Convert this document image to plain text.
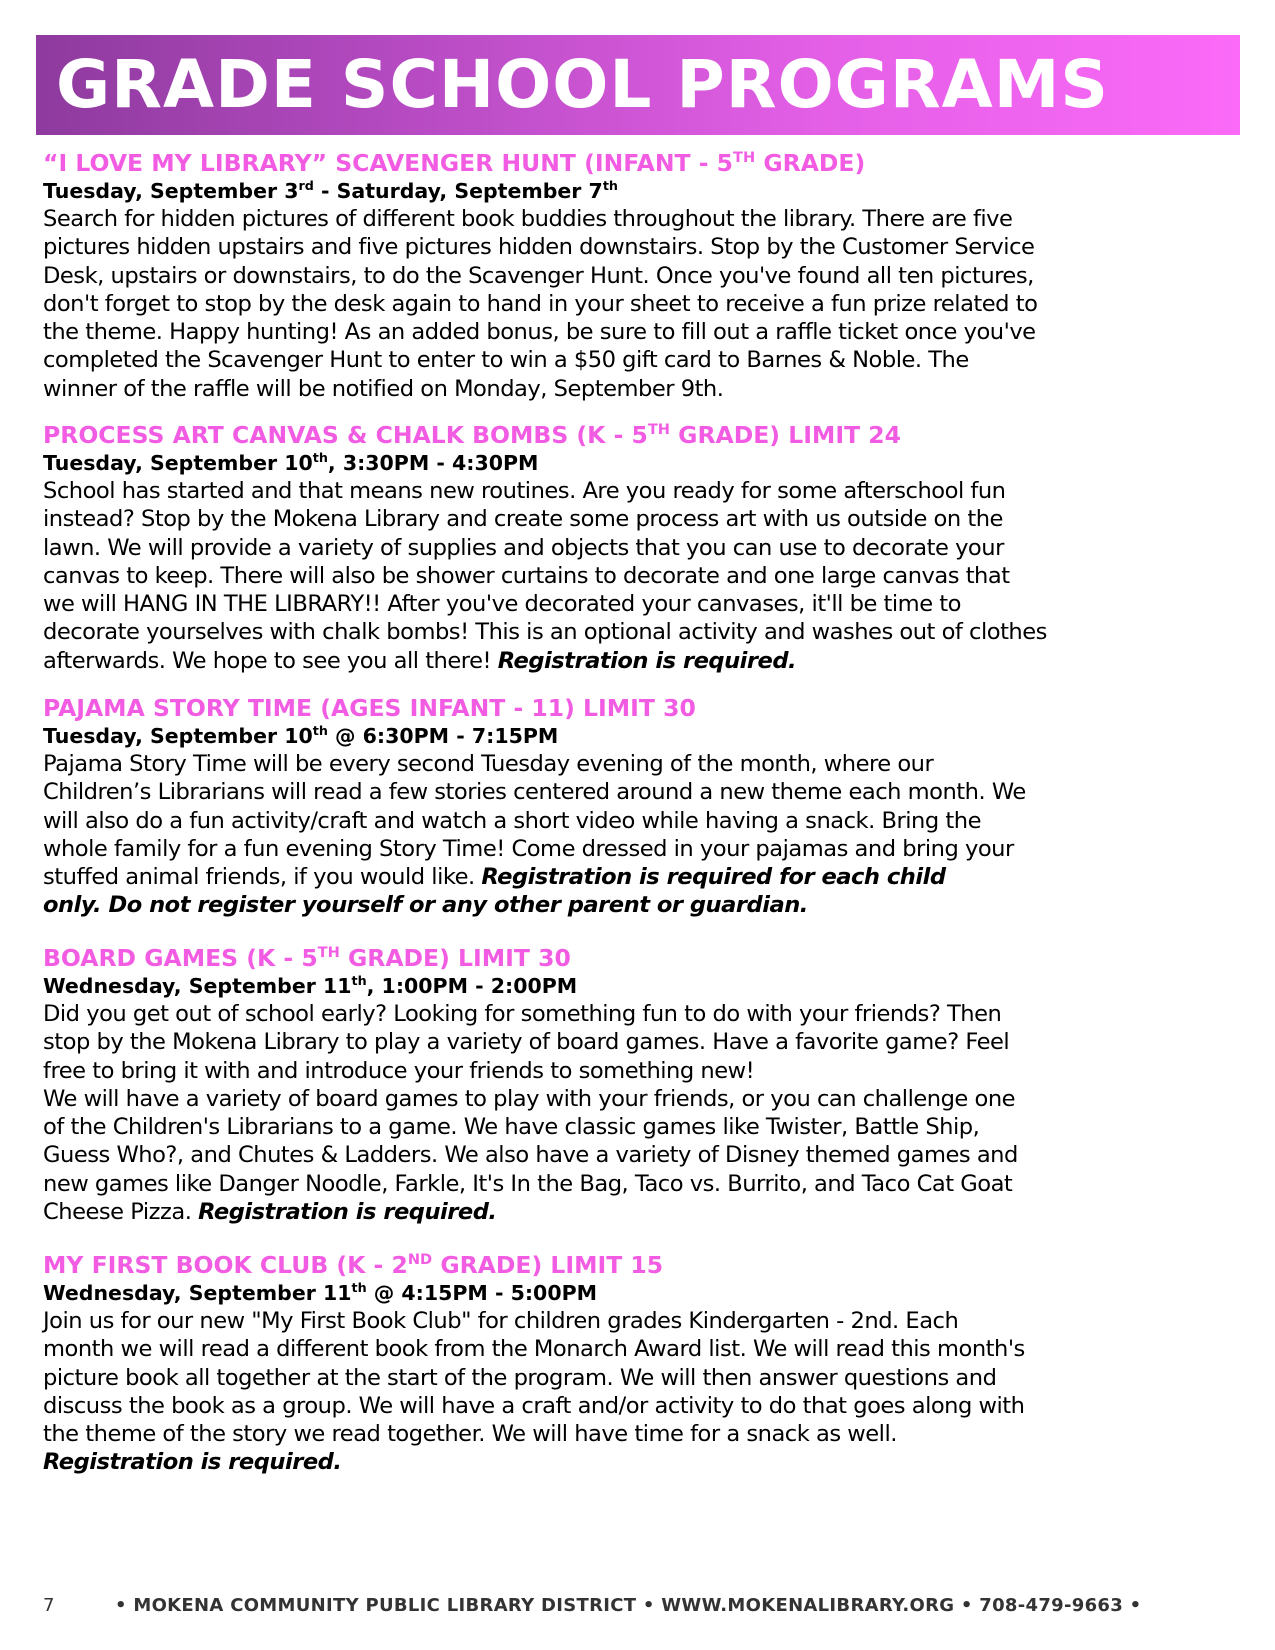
GRADE SCHOOL PROGRAMS

“I LOVE MY LIBRARY” SCAVENGER HUNT (INFANT - 5TH GRADE)

Tuesday, September 3rd - Saturday, September 7th

Search for hidden pictures of different book buddies throughout the library. There are five

pictures hidden upstairs and five pictures hidden downstairs. Stop by the Customer Service

Desk, upstairs or downstairs, to do the Scavenger Hunt. Once you've found all ten pictures,

don't forget to stop by the desk again to hand in your sheet to receive a fun prize related to

the theme. Happy hunting! As an added bonus, be sure to fill out a raffle ticket once you've

completed the Scavenger Hunt to enter to win a $50 gift card to Barnes & Noble. The

winner of the raffle will be notified on Monday, September 9th.

PROCESS ART CANVAS & CHALK BOMBS (K - 5TH GRADE) LIMIT 24

Tuesday, September 10th, 3:30PM - 4:30PM

School has started and that means new routines. Are you ready for some afterschool fun

instead? Stop by the Mokena Library and create some process art with us outside on the

lawn. We will provide a variety of supplies and objects that you can use to decorate your

canvas to keep. There will also be shower curtains to decorate and one large canvas that

we will HANG IN THE LIBRARY!! After you've decorated your canvases, it'll be time to

decorate yourselves with chalk bombs! This is an optional activity and washes out of clothes

afterwards. We hope to see you all there! Registration is required.

PAJAMA STORY TIME (AGES INFANT - 11) LIMIT 30

Tuesday, September 10th @ 6:30PM - 7:15PM

Pajama Story Time will be every second Tuesday evening of the month, where our

Children’s Librarians will read a few stories centered around a new theme each month. We

will also do a fun activity/craft and watch a short video while having a snack. Bring the

whole family for a fun evening Story Time! Come dressed in your pajamas and bring your

stuffed animal friends, if you would like. Registration is required for each child

only. Do not register yourself or any other parent or guardian.

BOARD GAMES (K - 5TH GRADE) LIMIT 30

Wednesday, September 11th, 1:00PM - 2:00PM

Did you get out of school early? Looking for something fun to do with your friends? Then

stop by the Mokena Library to play a variety of board games. Have a favorite game? Feel

free to bring it with and introduce your friends to something new!

We will have a variety of board games to play with your friends, or you can challenge one

of the Children's Librarians to a game. We have classic games like Twister, Battle Ship,

Guess Who?, and Chutes & Ladders. We also have a variety of Disney themed games and

new games like Danger Noodle, Farkle, It's In the Bag, Taco vs. Burrito, and Taco Cat Goat

Cheese Pizza. Registration is required.

MY FIRST BOOK CLUB (K - 2ND GRADE) LIMIT 15

Wednesday, September 11th @ 4:15PM - 5:00PM

Join us for our new "My First Book Club" for children grades Kindergarten - 2nd. Each

month we will read a different book from the Monarch Award list. We will read this month's

picture book all together at the start of the program. We will then answer questions and

discuss the book as a group. We will have a craft and/or activity to do that goes along with

the theme of the story we read together. We will have time for a snack as well.

Registration is required.

7	• MOKENA COMMUNITY PUBLIC LIBRARY DISTRICT • WWW.MOKENALIBRARY.ORG • 708-479-9663 •
